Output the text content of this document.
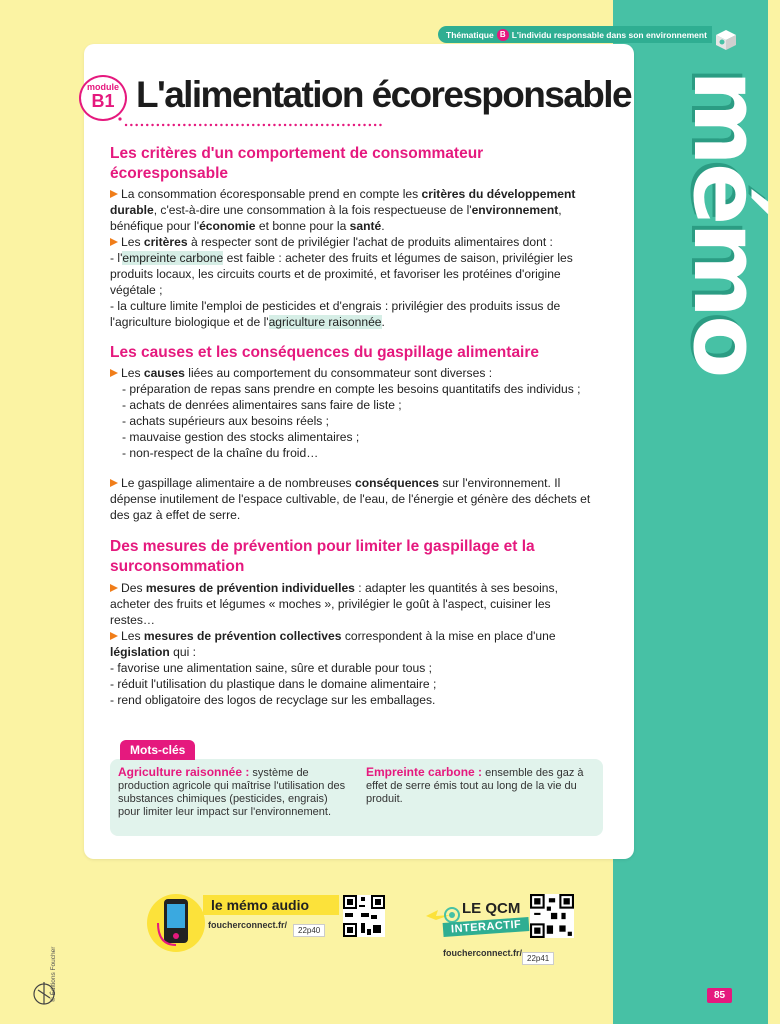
mémo
Thématique B L'individu responsable dans son environnement
module
B1 L'alimentation écoresponsable
Les critères d'un comportement de consommateur écoresponsable

La consommation écoresponsable prend en compte les critères du développement durable, c'est-à-dire une consommation à la fois respectueuse de l'environnement, bénéfique pour l'économie et bonne pour la santé.

Les critères à respecter sont de privilégier l'achat de produits alimentaires dont :
- l'empreinte carbone est faible : acheter des fruits et légumes de saison, privilégier les produits locaux, les circuits courts et de proximité, et favoriser les protéines d'origine végétale ;
- la culture limite l'emploi de pesticides et d'engrais : privilégier des produits issus de l'agriculture biologique et de l'agriculture raisonnée.

Les causes et les conséquences du gaspillage alimentaire

Les causes liées au comportement du consommateur sont diverses :
- préparation de repas sans prendre en compte les besoins quantitatifs des individus ;
- achats de denrées alimentaires sans faire de liste ;
- achats supérieurs aux besoins réels ;
- mauvaise gestion des stocks alimentaires ;
- non-respect de la chaîne du froid…

Le gaspillage alimentaire a de nombreuses conséquences sur l'environnement. Il dépense inutilement de l'espace cultivable, de l'eau, de l'énergie et génère des déchets et des gaz à effet de serre.

Des mesures de prévention pour limiter le gaspillage et la surconsommation

Des mesures de prévention individuelles : adapter les quantités à ses besoins, acheter des fruits et légumes « moches », privilégier le goût à l'aspect, cuisiner les restes…

Les mesures de prévention collectives correspondent à la mise en place d'une législation qui :
- favorise une alimentation saine, sûre et durable pour tous ;
- réduit l'utilisation du plastique dans le domaine alimentaire ;
- rend obligatoire des logos de recyclage sur les emballages.

Mots-clés
Agriculture raisonnée : système de production agricole qui maîtrise l'utilisation des substances chimiques (pesticides, engrais) pour limiter leur impact sur l'environnement.
Empreinte carbone : ensemble des gaz à effet de serre émis tout au long de la vie du produit.
le mémo audio
foucherconnect.fr/
22p40
LE QCM
INTERACTIF
foucherconnect.fr/
22p41
© Éditions Foucher	85
